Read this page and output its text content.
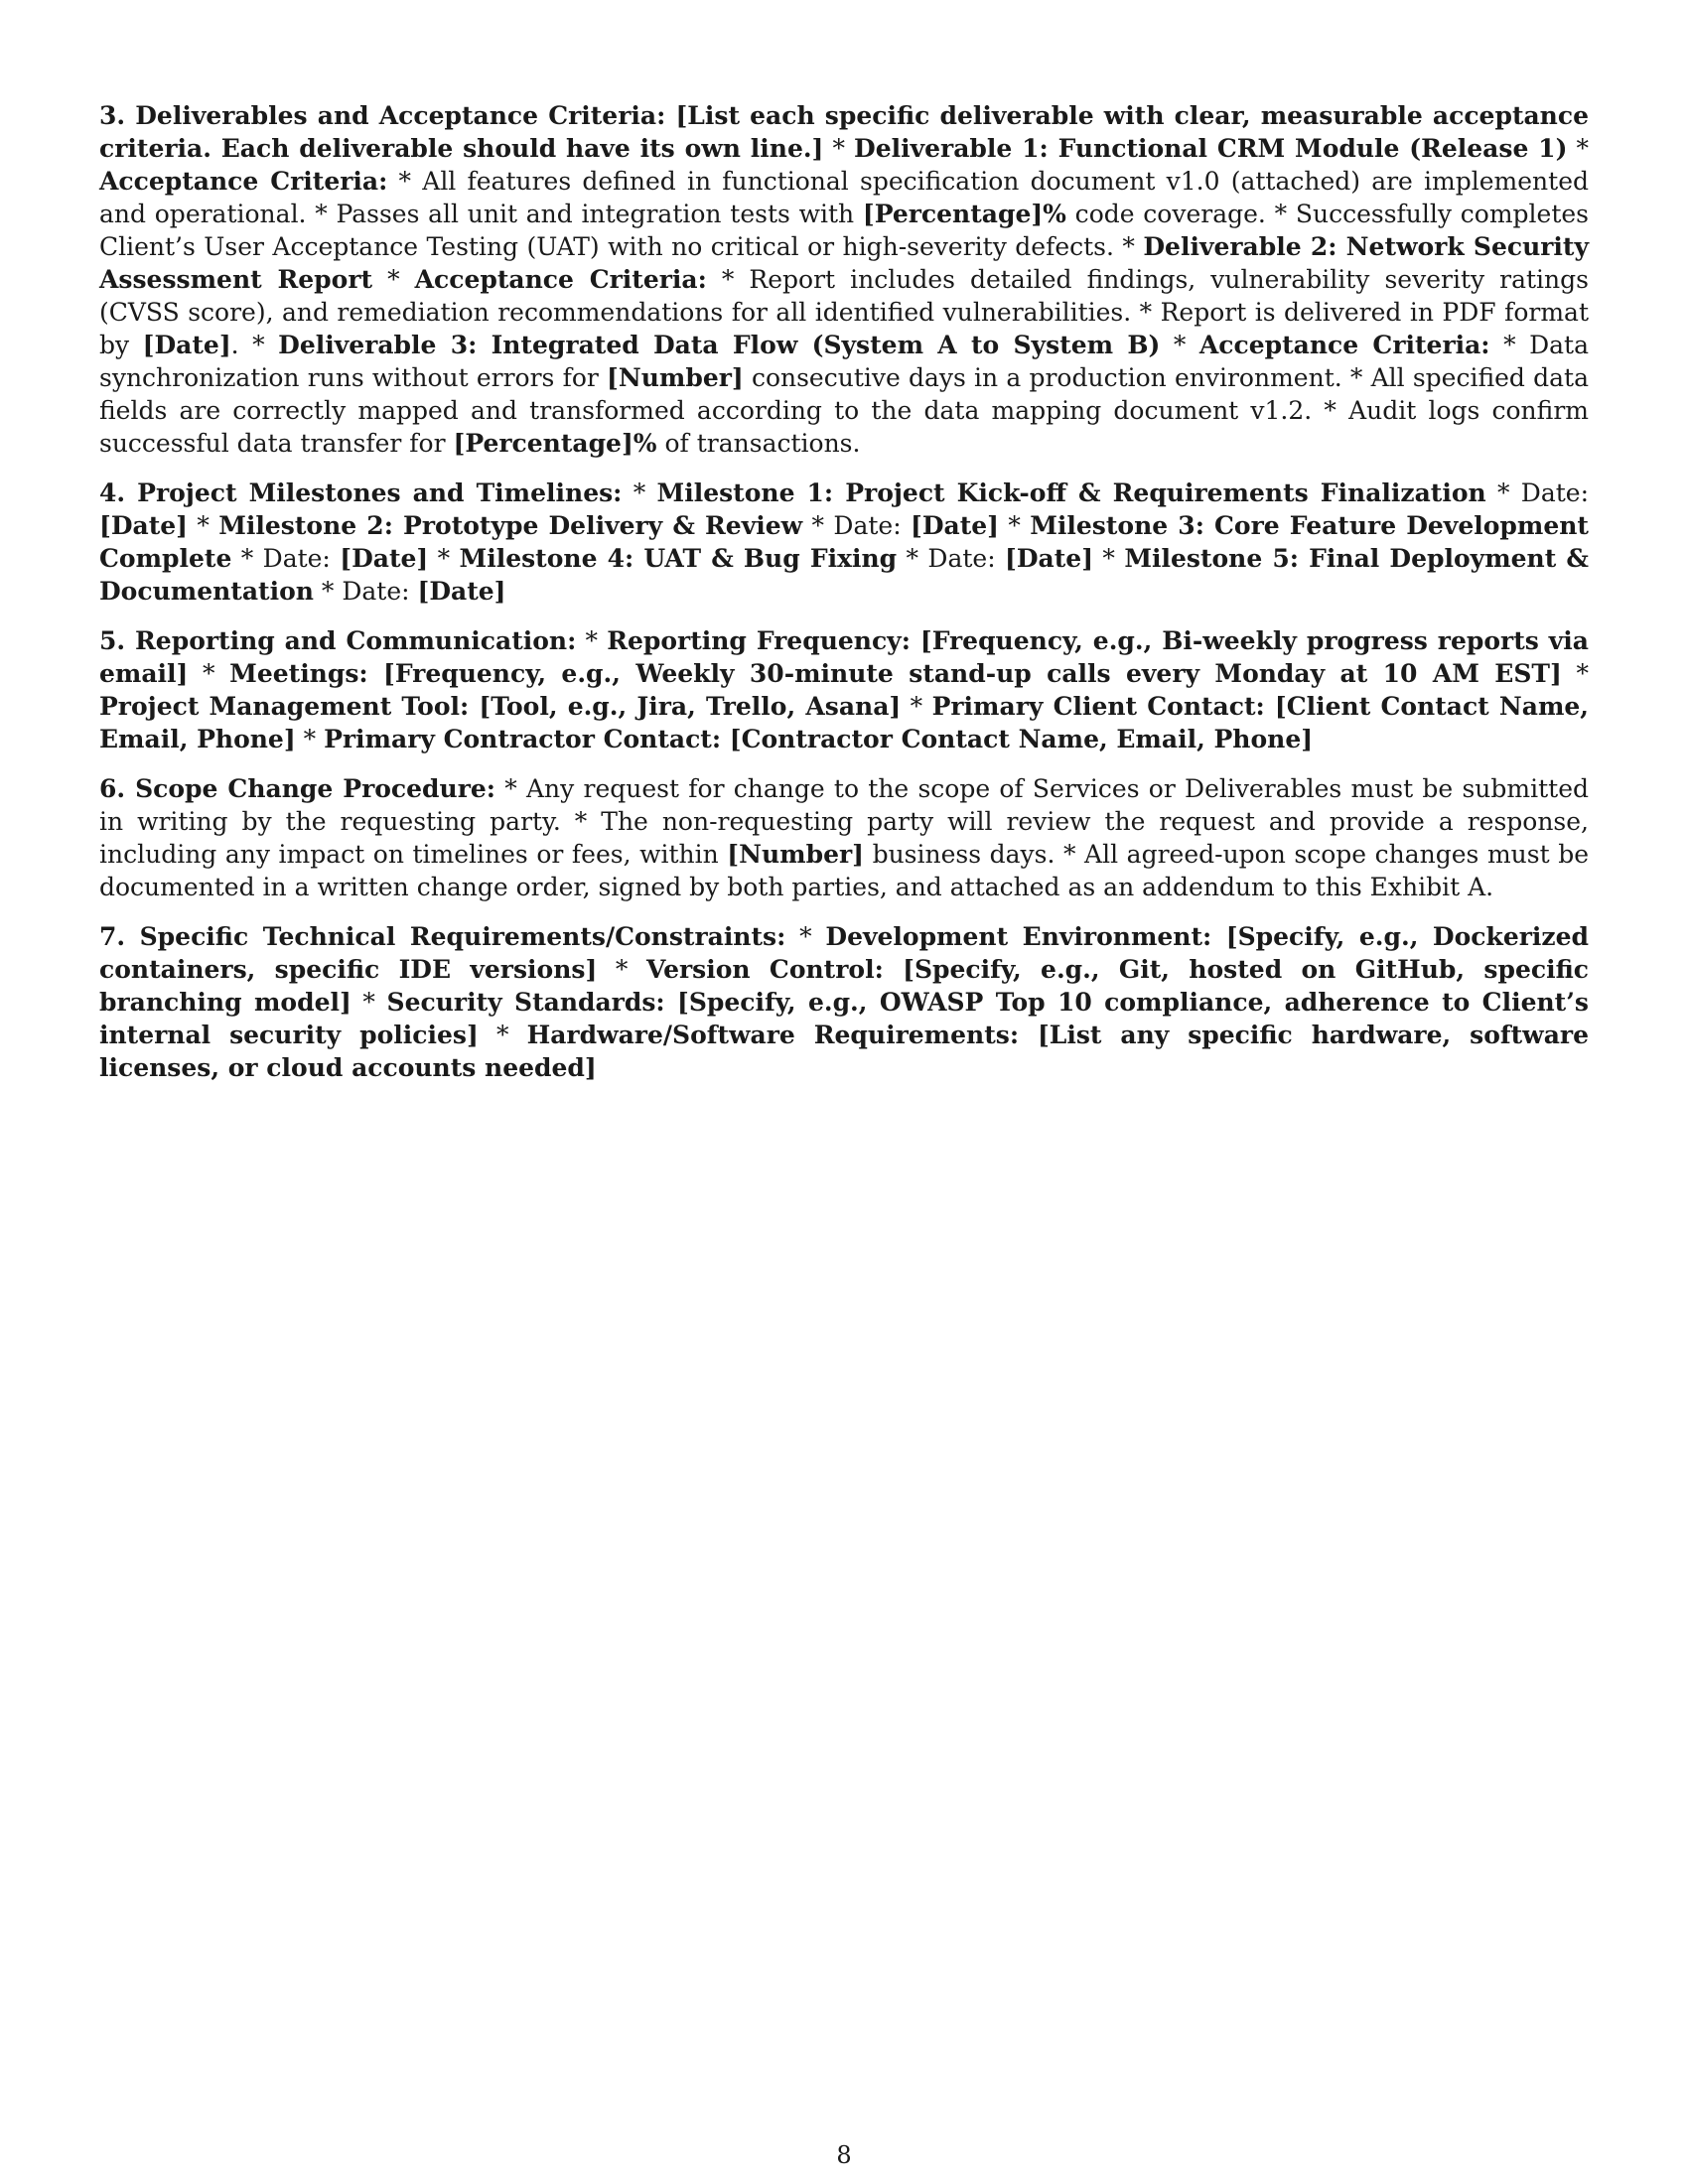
3. Deliverables and Acceptance Criteria: [List each specific deliverable with clear, measurable acceptance criteria. Each deliverable should have its own line.] * Deliverable 1: Functional CRM Module (Release 1) * Acceptance Criteria: * All features defined in functional specification document v1.0 (attached) are implemented and operational. * Passes all unit and integration tests with [Percentage]% code coverage. * Successfully completes Client’s User Acceptance Testing (UAT) with no critical or high-severity defects. * Deliverable 2: Network Security Assessment Report * Acceptance Criteria: * Report includes detailed findings, vulnerability severity ratings (CVSS score), and remediation recommendations for all identified vulnerabilities. * Report is delivered in PDF format by [Date]. * Deliverable 3: Integrated Data Flow (System A to System B) * Acceptance Criteria: * Data synchronization runs without errors for [Number] consecutive days in a production environment. * All specified data fields are correctly mapped and transformed according to the data mapping document v1.2. * Audit logs confirm successful data transfer for [Percentage]% of transactions.

4. Project Milestones and Timelines: * Milestone 1: Project Kick-off & Requirements Finalization * Date: [Date] * Milestone 2: Prototype Delivery & Review * Date: [Date] * Milestone 3: Core Feature Development Complete * Date: [Date] * Milestone 4: UAT & Bug Fixing * Date: [Date] * Milestone 5: Final Deployment & Documentation * Date: [Date]

5. Reporting and Communication: * Reporting Frequency: [Frequency, e.g., Bi-weekly progress reports via email] * Meetings: [Frequency, e.g., Weekly 30-minute stand-up calls every Monday at 10 AM EST] * Project Management Tool: [Tool, e.g., Jira, Trello, Asana] * Primary Client Contact: [Client Contact Name, Email, Phone] * Primary Contractor Contact: [Contractor Contact Name, Email, Phone]

6. Scope Change Procedure: * Any request for change to the scope of Services or Deliverables must be submitted in writing by the requesting party. * The non-requesting party will review the request and provide a response, including any impact on timelines or fees, within [Number] business days. * All agreed-upon scope changes must be documented in a written change order, signed by both parties, and attached as an addendum to this Exhibit A.

7. Specific Technical Requirements/Constraints: * Development Environment: [Specify, e.g., Dockerized containers, specific IDE versions] * Version Control: [Specify, e.g., Git, hosted on GitHub, specific branching model] * Security Standards: [Specify, e.g., OWASP Top 10 compliance, adherence to Client’s internal security policies] * Hardware/Software Requirements: [List any specific hardware, software licenses, or cloud accounts needed]

8
